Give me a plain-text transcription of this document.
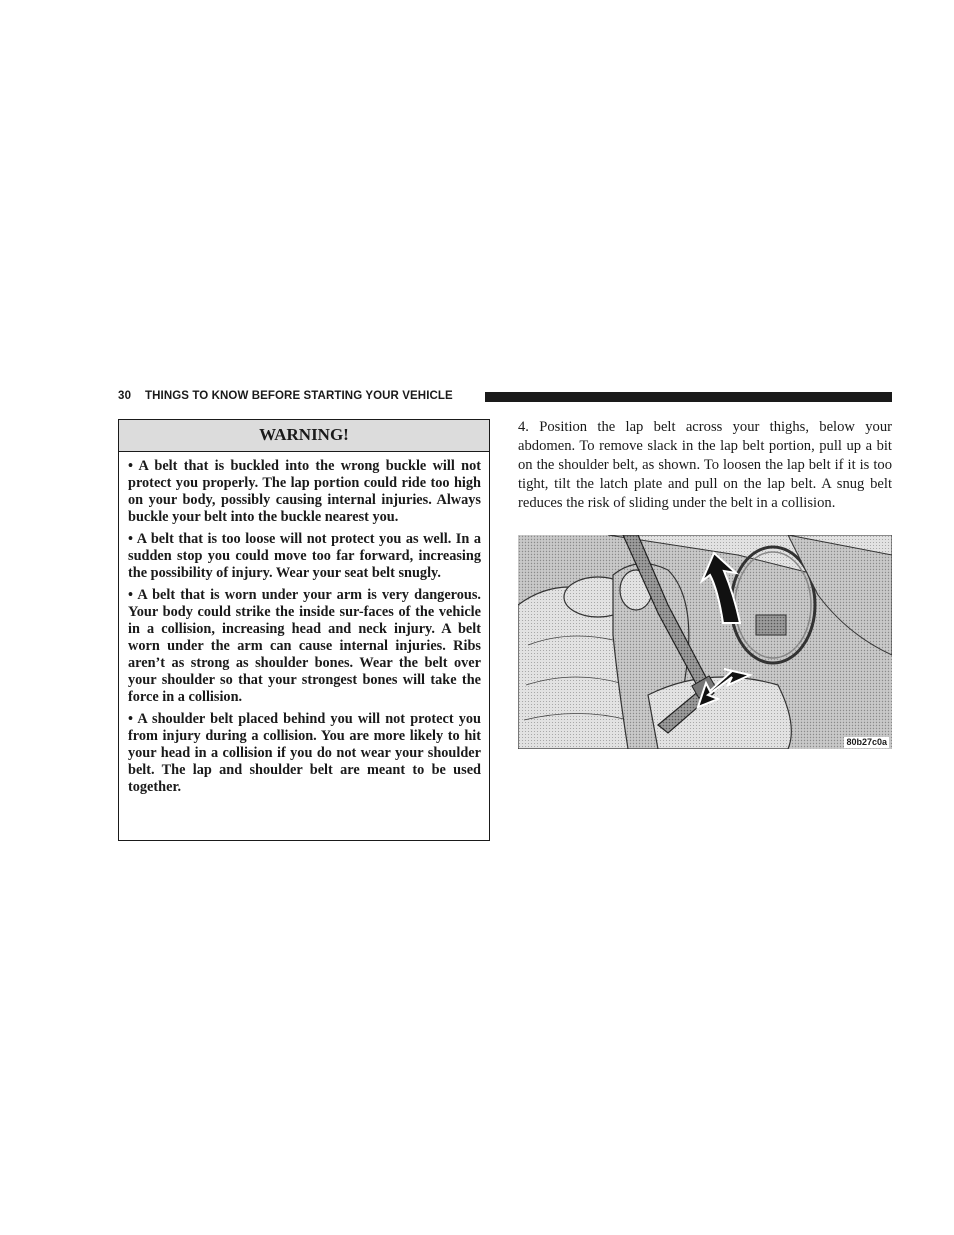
30 THINGS TO KNOW BEFORE STARTING YOUR VEHICLE
WARNING!

• A belt that is buckled into the wrong buckle will not protect you properly. The lap portion could ride too high on your body, possibly causing internal injuries. Always buckle your belt into the buckle nearest you.

• A belt that is too loose will not protect you as well. In a sudden stop you could move too far forward, increasing the possibility of injury. Wear your seat belt snugly.

• A belt that is worn under your arm is very dangerous. Your body could strike the inside sur-faces of the vehicle in a collision, increasing head and neck injury. A belt worn under the arm can cause internal injuries. Ribs aren’t as strong as shoulder bones. Wear the belt over your shoulder so that your strongest bones will take the force in a collision.

• A shoulder belt placed behind you will not protect you from injury during a collision. You are more likely to hit your head in a collision if you do not wear your shoulder belt. The lap and shoulder belt are meant to be used together.

4. Position the lap belt across your thighs, below your abdomen. To remove slack in the lap belt portion, pull up a bit on the shoulder belt, as shown. To loosen the lap belt if it is too tight, tilt the latch plate and pull on the lap belt. A snug belt reduces the risk of sliding under the belt in a collision.

80b27c0a
